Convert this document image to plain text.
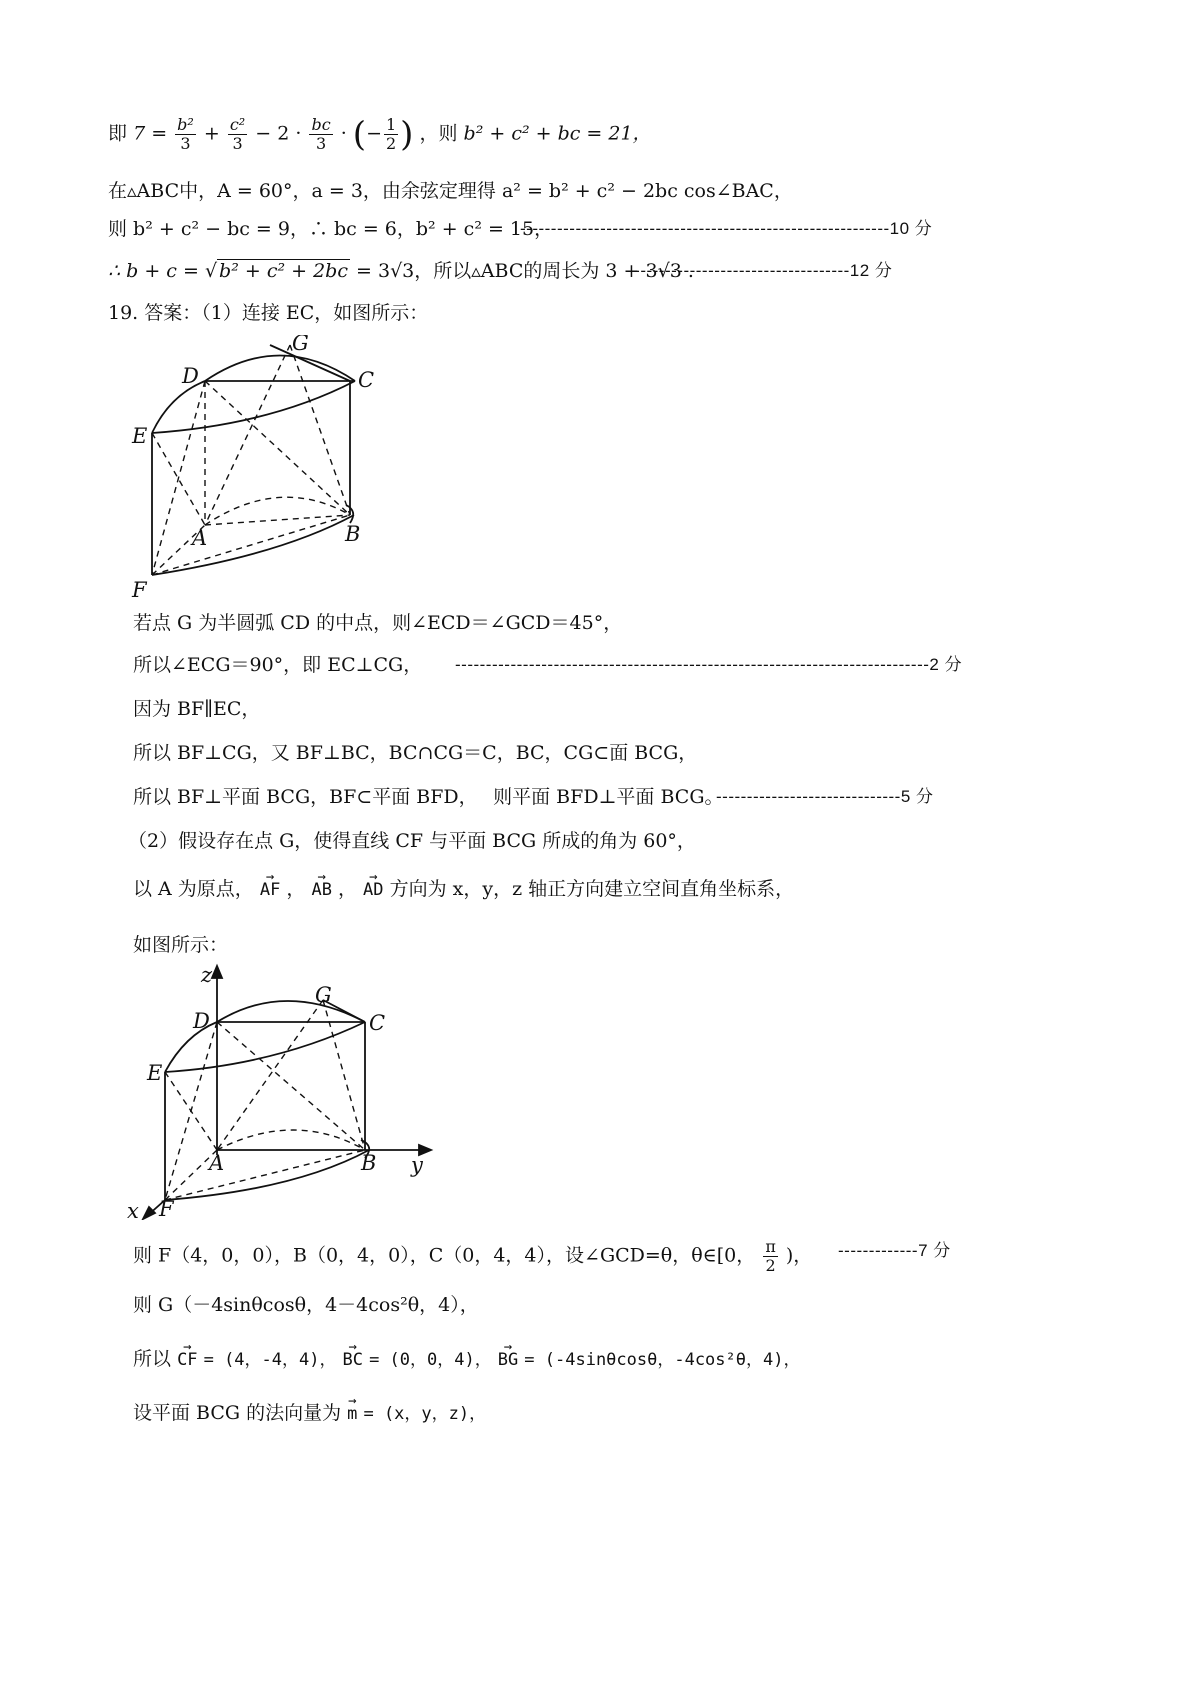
即 $7 = \frac{\text{b²}}{3} + \frac{\text{c²}}{3} - 2 \cdot \frac{bc}{3}$ · (− $\frac{1}{2}$ ) ，则 b² + c² + bc = 21，
在▵ABC中，A = 60°，a = 3，由余弦定理得 a² = b² + c² − 2bc cos∠BAC，
则 b² + c² − bc = 9，∴ bc = 6，b² + c² = 15，
------------------------------------------------------------10 分
∴ b + c = √ b² + c² + 2bc = 3√3，所以▵ABC的周长为 3 + 3√3 .
------------------------------------12 分
19. 答案：（1）连接 EC，如图所示：
G
D	C
E
A	B
F
若点 G 为半圆弧 CD 的中点，则∠ECD＝∠GCD＝45°，
所以∠ECG＝90°，即 EC⊥CG， -----------------------------------------------------------------------------2 分
因为 BF∥EC，
所以 BF⊥CG，又 BF⊥BC，BC∩CG＝C，BC，CG⊂面 BCG，
所以 BF⊥平面 BCG，BF⊂平面 BFD，　 则平面 BFD⊥平面 BCG。
------------------------------5 分
（2）假设存在点 G，使得直线 CF 与平面 BCG 所成的角为 60°，
以 A 为原点， → AF ， → AB ， → AD 方向为 x，y，z 轴正方向建立空间直角坐标系，
如图所示：
z
G
D	C
E
A	B y
x F
则 F（4，0，0），B（0，4，0），C（0，4，4），设∠GCD=θ，θ∈[0， $\frac{\pi}{2}$ )， -------------7 分
则 G（－4sinθcosθ，4－4cos²θ，4），
所以 → CF = (4，-4，4)， → BC = (0，0，4)， → BG = (-4sinθcosθ，-4cos²θ，4)，
设平面 BCG 的法向量为 → m = (x，y，z)，
